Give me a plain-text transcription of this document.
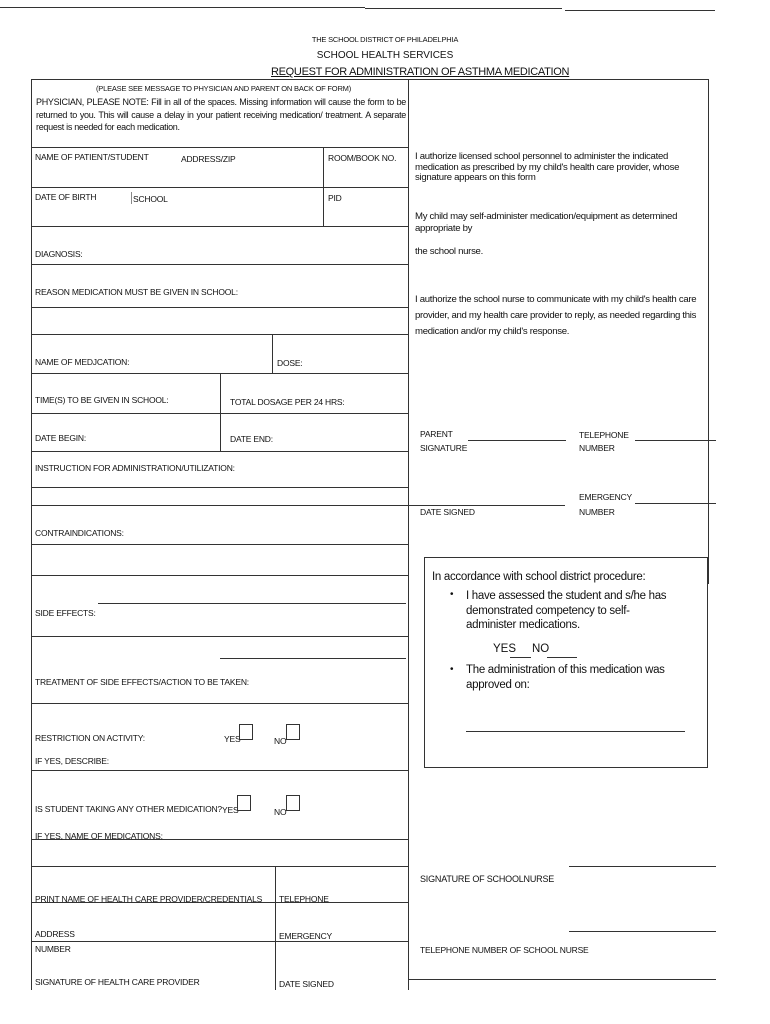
THE SCHOOL DISTRICT OF PHILADELPHIA
SCHOOL HEALTH SERVICES
REQUEST FOR ADMINISTRATION OF ASTHMA MEDICATION
(PLEASE SEE MESSAGE TO PHYSICIAN AND PARENT ON BACK OF FORM)
PHYSICIAN, PLEASE NOTE: Fill in all of the spaces. Missing information will cause the form to be returned to you. This will cause a delay in your patient receiving medication/ treatment. A separate request is needed for each medication.
NAME OF PATIENT/STUDENT	ADDRESS/ZIP	ROOM/BOOK NO.
DATE OF BIRTH	SCHOOL	PID
DIAGNOSIS:
REASON MEDICATION MUST BE GIVEN IN SCHOOL:
NAME OF MEDJCATION:	DOSE:
TIME(S) TO BE GIVEN IN SCHOOL:	TOTAL DOSAGE PER 24 HRS:
DATE BEGIN:	DATE END:
INSTRUCTION FOR ADMINISTRATION/UTILIZATION:
CONTRAINDICATIONS:
SIDE EFFECTS:
TREATMENT OF SIDE EFFECTS/ACTION TO BE TAKEN:
RESTRICTION ON ACTIVITY:	YES	NO
IF YES, DESCRIBE:
IS STUDENT TAKING ANY OTHER MEDICATION? YES	NO
IF YES, NAME OF MEDICATIONS:
PRINT NAME OF HEALTH CARE PROVIDER/CREDENTIALS TELEPHONE
ADDRESS	EMERGENCY
NUMBER
SIGNATURE OF HEALTH CARE PROVIDER	DATE SIGNED
I authorize licensed school personnel to administer the indicated medication as prescribed by my child's health care provider, whose signature appears on this form
My child may self-administer medication/equipment as determined appropriate by
the school nurse.
I authorize the school nurse to communicate with my child's health care provider, and my health care provider to reply, as needed regarding this medication and/or my child's response.
PARENT
SIGNATURE
TELEPHONE
NUMBER
EMERGENCY
NUMBER
DATE SIGNED
In accordance with school district procedure:
• I have assessed the student and s/he has demonstrated competency to self-administer medications.
YES NO
• The administration of this medication was approved on:
SIGNATURE OF SCHOOLNURSE
TELEPHONE NUMBER OF SCHOOL NURSE
